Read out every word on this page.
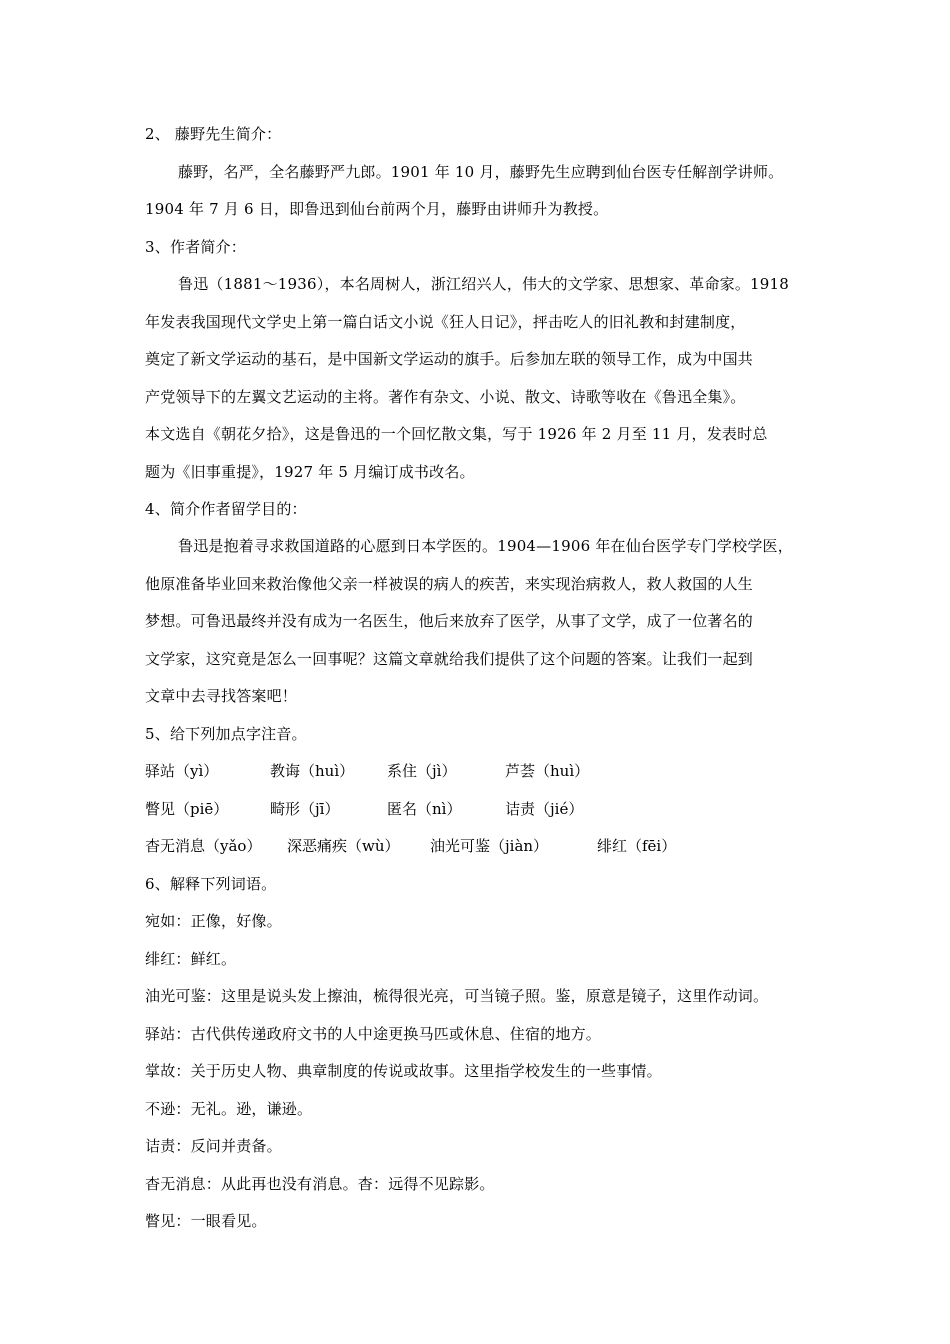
2、 藤野先生简介：
藤野，名严，全名藤野严九郎。1901 年 10 月，藤野先生应聘到仙台医专任解剖学讲师。
1904 年 7 月 6 日，即鲁迅到仙台前两个月，藤野由讲师升为教授。
3、作者简介：
鲁迅（1881～1936），本名周树人，浙江绍兴人，伟大的文学家、思想家、革命家。1918
年发表我国现代文学史上第一篇白话文小说《狂人日记》，抨击吃人的旧礼教和封建制度，
奠定了新文学运动的基石，是中国新文学运动的旗手。后参加左联的领导工作，成为中国共
产党领导下的左翼文艺运动的主将。著作有杂文、小说、散文、诗歌等收在《鲁迅全集》。
本文选自《朝花夕拾》，这是鲁迅的一个回忆散文集，写于 1926 年 2 月至 11 月，发表时总
题为《旧事重提》，1927 年 5 月编订成书改名。
4、简介作者留学目的：
鲁迅是抱着寻求救国道路的心愿到日本学医的。1904—1906 年在仙台医学专门学校学医，
他原准备毕业回来救治像他父亲一样被误的病人的疾苦，来实现治病救人，救人救国的人生
梦想。可鲁迅最终并没有成为一名医生，他后来放弃了医学，从事了文学，成了一位著名的
文学家，这究竟是怎么一回事呢？这篇文章就给我们提供了这个问题的答案。让我们一起到
文章中去寻找答案吧！
5、给下列加点字注音。
驿站（yì）	教诲（huì） 系住（jì）	芦荟（huì）
瞥见（piē）	畸形（jī）	匿名（nì）	诘责（jié）
杳无消息（yǎo） 深恶痛疾（wù） 油光可鉴（jiàn）	绯红（fēi）
6、解释下列词语。
宛如：正像，好像。
绯红：鲜红。
油光可鉴：这里是说头发上擦油，梳得很光亮，可当镜子照。鉴，原意是镜子，这里作动词。
驿站：古代供传递政府文书的人中途更换马匹或休息、住宿的地方。
掌故：关于历史人物、典章制度的传说或故事。这里指学校发生的一些事情。
不逊：无礼。逊，谦逊。
诘责：反问并责备。
杳无消息：从此再也没有消息。杳：远得不见踪影。
瞥见：一眼看见。
